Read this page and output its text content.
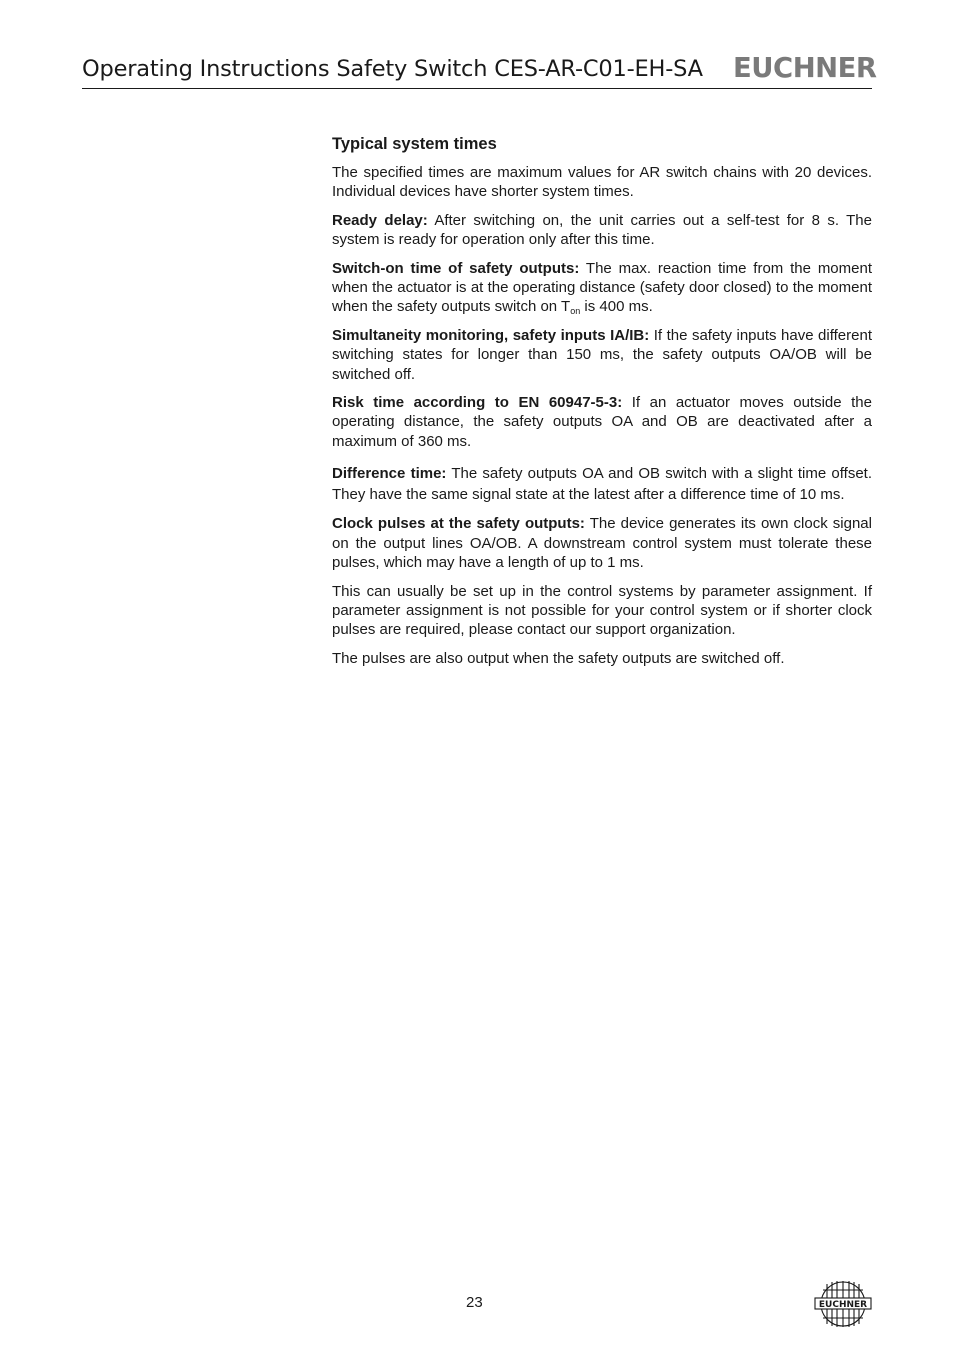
Operating Instructions Safety Switch CES-AR-C01-EH-SA EUCHNER
Typical system times

The specified times are maximum values for AR switch chains with 20 devices. Individual devices have shorter system times.

Ready delay: After switching on, the unit carries out a self-test for 8 s. The system is ready for operation only after this time.

Switch-on time of safety outputs: The max. reaction time from the moment when the actuator is at the operating distance (safety door closed) to the moment when the safety outputs switch on $T_{on}$ is 400 ms.

Simultaneity monitoring, safety inputs IA/IB: If the safety inputs have different switching states for longer than 150 ms, the safety outputs OA/OB will be switched off.

Risk time according to EN 60947-5-3: If an actuator moves outside the operating distance, the safety outputs OA and OB are deactivated after a maximum of 360 ms.

Difference time: The safety outputs OA and OB switch with a slight time offset. They have the same signal state at the latest after a difference time of 10 ms.

Clock pulses at the safety outputs: The device generates its own clock signal on the output lines OA/OB. A downstream control system must tolerate these pulses, which may have a length of up to 1 ms.

This can usually be set up in the control systems by parameter assignment. If parameter assignment is not possible for your control system or if shorter clock pulses are required, please contact our support organization.

The pulses are also output when the safety outputs are switched off.

23	EUCHNER
